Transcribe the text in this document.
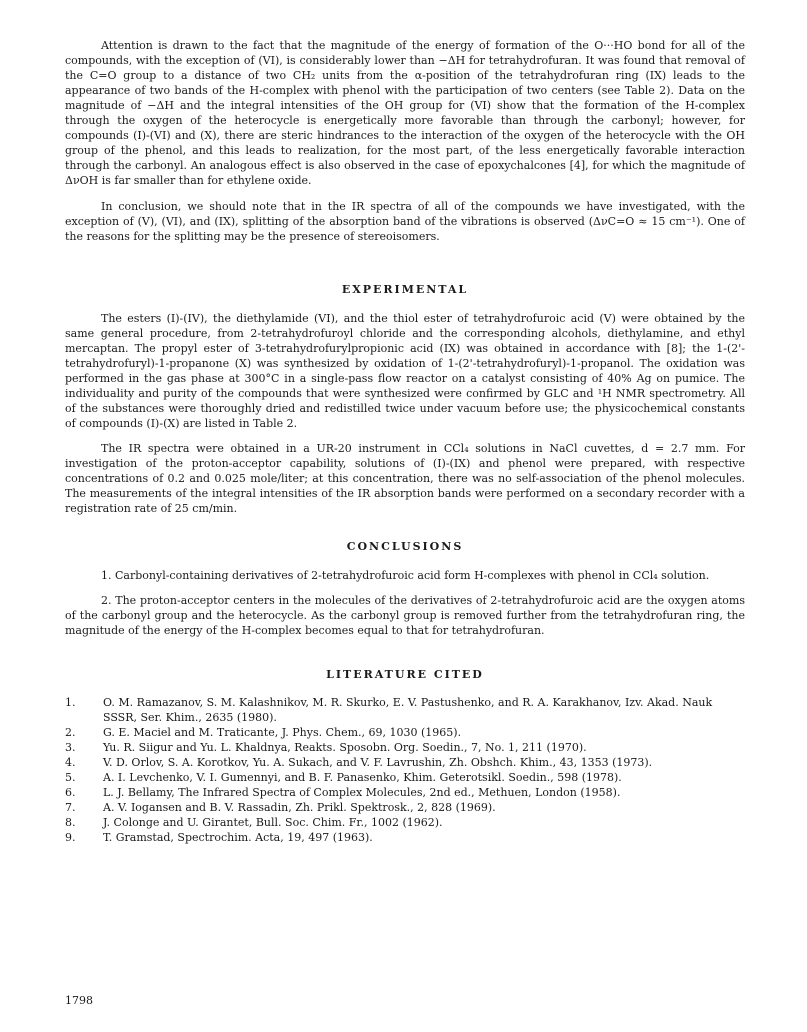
Attention is drawn to the fact that the magnitude of the energy of formation of the O···HO bond for all of the compounds, with the exception of (VI), is considerably lower than −ΔH for tetrahydrofuran. It was found that removal of the C=O group to a distance of two CH₂ units from the α-position of the tetrahydrofuran ring (IX) leads to the appearance of two bands of the H-complex with phenol with the participation of two centers (see Table 2). Data on the magnitude of −ΔH and the integral intensities of the OH group for (VI) show that the formation of the H-complex through the oxygen of the heterocycle is energetically more favorable than through the carbonyl; however, for compounds (I)-(VI) and (X), there are steric hindrances to the interaction of the oxygen of the heterocycle with the OH group of the phenol, and this leads to realization, for the most part, of the less energetically favorable interaction through the carbonyl. An analogous effect is also observed in the case of epoxychalcones [4], for which the magnitude of ΔνOH is far smaller than for ethylene oxide.

In conclusion, we should note that in the IR spectra of all of the compounds we have investigated, with the exception of (V), (VI), and (IX), splitting of the absorption band of the vibrations is observed (ΔνC=O ≈ 15 cm⁻¹). One of the reasons for the splitting may be the presence of stereoisomers.

EXPERIMENTAL

The esters (I)-(IV), the diethylamide (VI), and the thiol ester of tetrahydrofuroic acid (V) were obtained by the same general procedure, from 2-tetrahydrofuroyl chloride and the corresponding alcohols, diethylamine, and ethyl mercaptan. The propyl ester of 3-tetrahydrofurylpropionic acid (IX) was obtained in accordance with [8]; the 1-(2'-tetrahydrofuryl)-1-propanone (X) was synthesized by oxidation of 1-(2'-tetrahydrofuryl)-1-propanol. The oxidation was performed in the gas phase at 300°C in a single-pass flow reactor on a catalyst consisting of 40% Ag on pumice. The individuality and purity of the compounds that were synthesized were confirmed by GLC and ¹H NMR spectrometry. All of the substances were thoroughly dried and redistilled twice under vacuum before use; the physicochemical constants of compounds (I)-(X) are listed in Table 2.

The IR spectra were obtained in a UR-20 instrument in CCl₄ solutions in NaCl cuvettes, d = 2.7 mm. For investigation of the proton-acceptor capability, solutions of (I)-(IX) and phenol were prepared, with respective concentrations of 0.2 and 0.025 mole/liter; at this concentration, there was no self-association of the phenol molecules. The measurements of the integral intensities of the IR absorption bands were performed on a secondary recorder with a registration rate of 25 cm/min.

CONCLUSIONS

1. Carbonyl-containing derivatives of 2-tetrahydrofuroic acid form H-complexes with phenol in CCl₄ solution.

2. The proton-acceptor centers in the molecules of the derivatives of 2-tetrahydrofuroic acid are the oxygen atoms of the carbonyl group and the heterocycle. As the carbonyl group is removed further from the tetrahydrofuran ring, the magnitude of the energy of the H-complex becomes equal to that for tetrahydrofuran.

LITERATURE CITED
1.	O. M. Ramazanov, S. M. Kalashnikov, M. R. Skurko, E. V. Pastushenko, and R. A. Karakhanov, Izv. Akad. Nauk SSSR, Ser. Khim., 2635 (1980).
2.	G. E. Maciel and M. Traticante, J. Phys. Chem., 69, 1030 (1965).
3.	Yu. R. Siigur and Yu. L. Khaldnya, Reakts. Sposobn. Org. Soedin., 7, No. 1, 211 (1970).
4.	V. D. Orlov, S. A. Korotkov, Yu. A. Sukach, and V. F. Lavrushin, Zh. Obshch. Khim., 43, 1353 (1973).
5.	A. I. Levchenko, V. I. Gumennyi, and B. F. Panasenko, Khim. Geterotsikl. Soedin., 598 (1978).
6.	L. J. Bellamy, The Infrared Spectra of Complex Molecules, 2nd ed., Methuen, London (1958).
7.	A. V. Iogansen and B. V. Rassadin, Zh. Prikl. Spektrosk., 2, 828 (1969).
8.	J. Colonge and U. Girantet, Bull. Soc. Chim. Fr., 1002 (1962).
9.	T. Gramstad, Spectrochim. Acta, 19, 497 (1963).
1798
